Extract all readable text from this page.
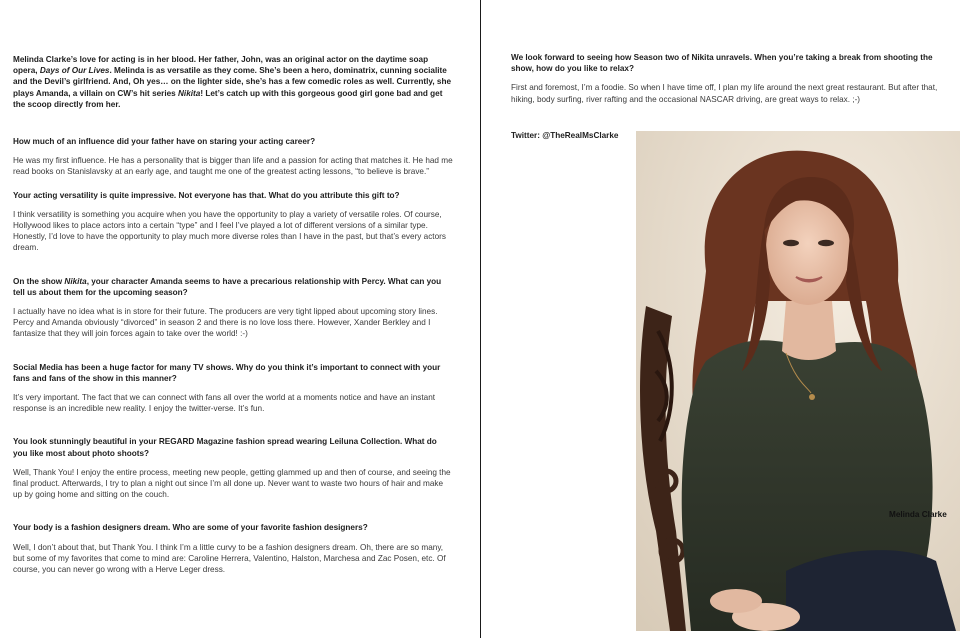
Melinda Clarke’s love for acting is in her blood. Her father, John, was an original actor on the daytime soap opera, Days of Our Lives. Melinda is as versatile as they come. She’s been a hero, dominatrix, cunning socialite and the Devil’s girlfriend. And, Oh yes… on the lighter side, she’s has a few comedic roles as well. Currently, she plays Amanda, a villain on CW’s hit series Nikita! Let’s catch up with this gorgeous good girl gone bad and get the scoop directly from her.

How much of an influence did your father have on staring your acting career?

He was my first influence. He has a personality that is bigger than life and a passion for acting that matches it. He had me read books on Stanislavsky at an early age, and taught me one of the greatest acting lessons, “to believe is brave.”

Your acting versatility is quite impressive. Not everyone has that. What do you attribute this gift to?

I think versatility is something you acquire when you have the opportunity to play a variety of versatile roles. Of course, Hollywood likes to place actors into a certain “type” and I feel I’ve played a lot of different versions of a similar type. Honestly, I’d love to have the opportunity to play much more diverse roles than I have in the past, but that’s every actors dream.

On the show Nikita, your character Amanda seems to have a precarious relationship with Percy. What can you tell us about them for the upcoming season?

I actually have no idea what is in store for their future. The producers are very tight lipped about upcoming story lines. Percy and Amanda obviously “divorced” in season 2 and there is no love loss there. However, Xander Berkley and I fantasize that they will join forces again to take over the world! :-)

Social Media has been a huge factor for many TV shows. Why do you think it’s important to connect with your fans and fans of the show in this manner?

It’s very important. The fact that we can connect with fans all over the world at a moments notice and have an instant response is an incredible new reality. I enjoy the twitter-verse. It’s fun.

You look stunningly beautiful in your REGARD Magazine fashion spread wearing Leiluna Collection. What do you like most about photo shoots?

Well, Thank You! I enjoy the entire process, meeting new people, getting glammed up and then of course, and seeing the final product. Afterwards, I try to plan a night out since I’m all done up. Never want to waste two hours of hair and make up by going home and sitting on the couch.

Your body is a fashion designers dream. Who are some of your favorite fashion designers?

Well, I don’t about that, but Thank You. I think I’m a little curvy to be a fashion designers dream. Oh, there are so many, but some of my favorites that come to mind are: Caroline Herrera, Valentino, Halston, Marchesa and Zac Posen, etc. Of course, you can never go wrong with a Herve Leger dress.

We look forward to seeing how Season two of Nikita unravels. When you’re taking a break from shooting the show, how do you like to relax?

First and foremost, I’m a foodie. So when I have time off, I plan my life around the next great restaurant. But after that, hiking, body surfing, river rafting and the occasional NASCAR driving, are great ways to relax. ;-)

Twitter: @TheRealMsClarke
Melinda Clarke
